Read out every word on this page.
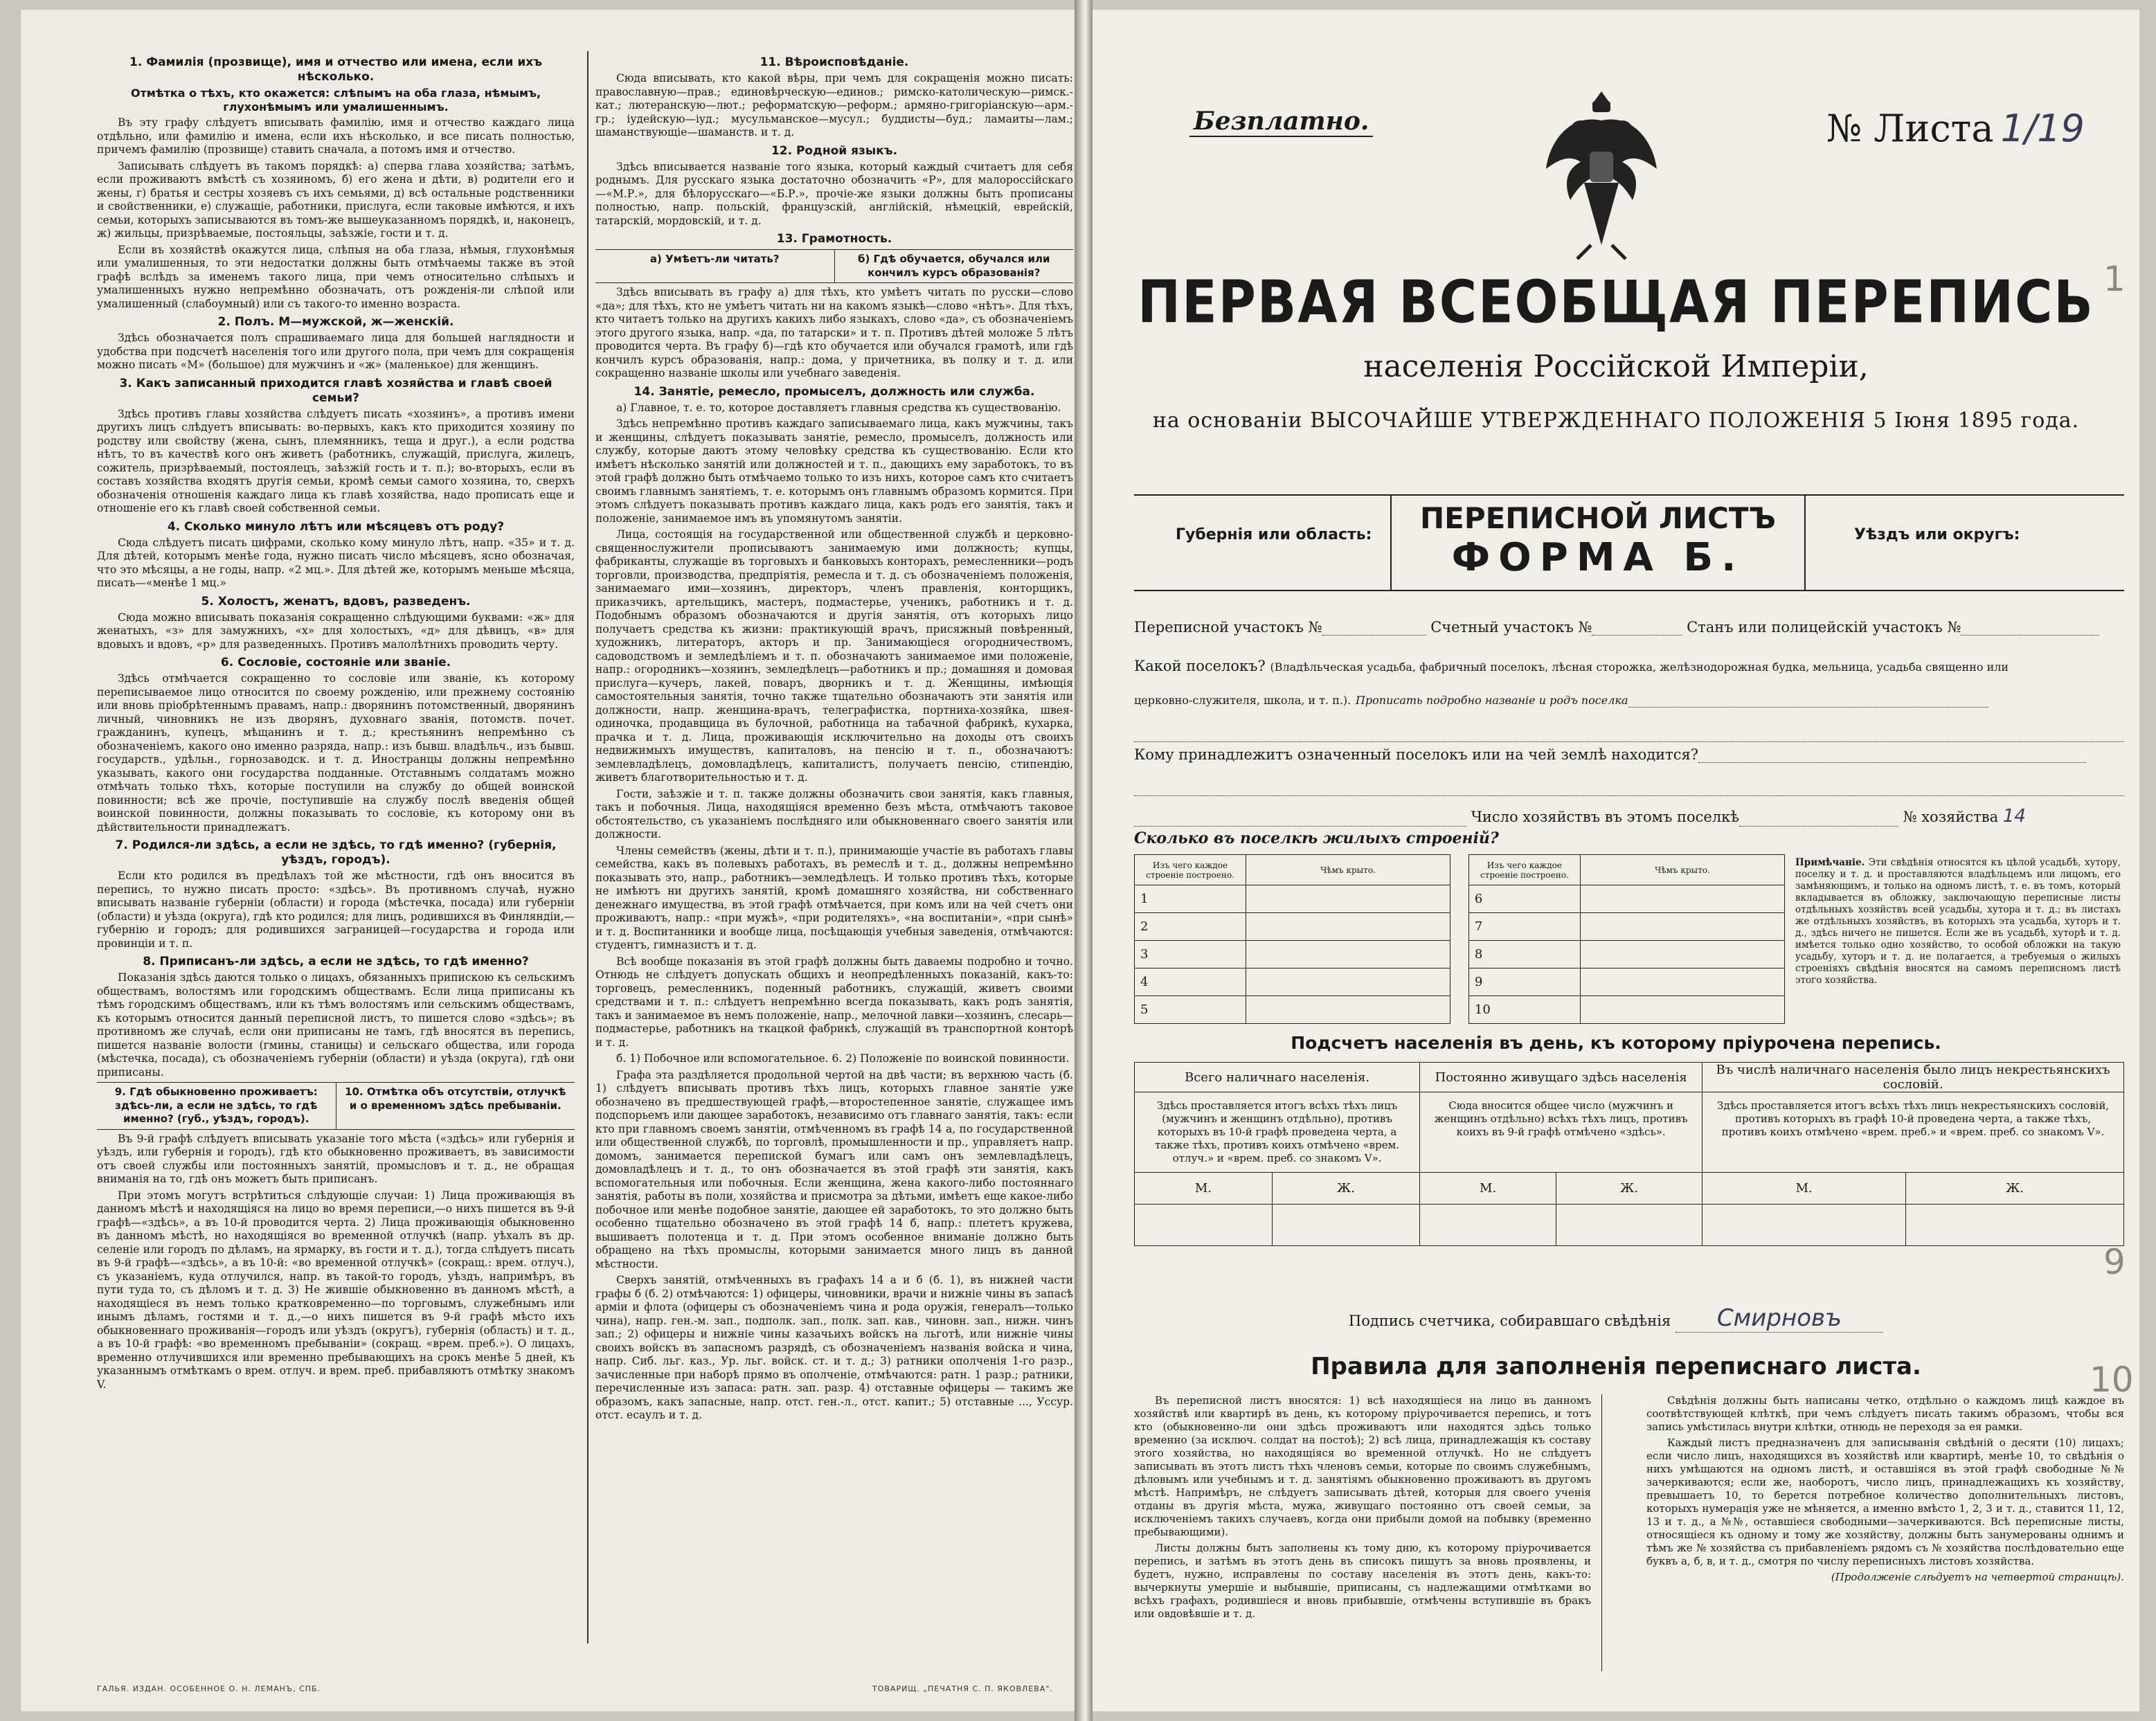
1. Фамилія (прозвище), имя и отчество или имена, если ихъ нѣсколько.
Отмѣтка о тѣхъ, кто окажется: слѣпымъ на оба глаза, нѣмымъ, глухонѣмымъ или умалишеннымъ.

Въ эту графу слѣдуетъ вписывать фамилію, имя и отчество каждаго лица отдѣльно, или фамилію и имена, если ихъ нѣсколько, и все писать полностью, причемъ фамилію (прозвище) ставить сначала, а потомъ имя и отчество.

Записывать слѣдуетъ въ такомъ порядкѣ: а) сперва глава хозяйства; затѣмъ, если проживаютъ вмѣстѣ съ хозяиномъ, б) его жена и дѣти, в) родители его и жены, г) братья и сестры хозяевъ съ ихъ семьями, д) всѣ остальные родственники и свойственники, е) служащіе, работники, прислуга, если таковые имѣются, и ихъ семьи, которыхъ записываются въ томъ-же вышеуказанномъ порядкѣ, и, наконецъ, ж) жильцы, призрѣваемые, постояльцы, заѣзжіе, гости и т. д.

Если въ хозяйствѣ окажутся лица, слѣпыя на оба глаза, нѣмыя, глухонѣмыя или умалишенныя, то эти недостатки должны быть отмѣчаемы также въ этой графѣ вслѣдъ за именемъ такого лица, при чемъ относительно слѣпыхъ и умалишенныхъ нужно непремѣнно обозначать, отъ рожденія-ли слѣпой или умалишенный (слабоумный) или съ такого-то именно возраста.

2. Полъ. М—мужской, ж—женскій.

Здѣсь обозначается полъ спрашиваемаго лица для большей наглядности и удобства при подсчетѣ населенія того или другого пола, при чемъ для сокращенія можно писать «М» (большое) для мужчинъ и «ж» (маленькое) для женщинъ.

3. Какъ записанный приходится главѣ хозяйства и главѣ своей семьи?

Здѣсь противъ главы хозяйства слѣдуетъ писать «хозяинъ», а противъ имени другихъ лицъ слѣдуетъ вписывать: во-первыхъ, какъ кто приходится хозяину по родству или свойству (жена, сынъ, племянникъ, теща и друг.), а если родства нѣтъ, то въ качествѣ кого онъ живетъ (работникъ, служащій, прислуга, жилецъ, сожитель, призрѣваемый, постоялецъ, заѣзжій гость и т. п.); во-вторыхъ, если въ составъ хозяйства входятъ другія семьи, кромѣ семьи самого хозяина, то, сверхъ обозначенія отношенія каждаго лица къ главѣ хозяйства, надо прописать еще и отношеніе его къ главѣ своей собственной семьи.

4. Сколько минуло лѣтъ или мѣсяцевъ отъ роду?

Сюда слѣдуетъ писать цифрами, сколько кому минуло лѣтъ, напр. «35» и т. д. Для дѣтей, которымъ менѣе года, нужно писать число мѣсяцевъ, ясно обозначая, что это мѣсяцы, а не годы, напр. «2 мц.». Для дѣтей же, которымъ меньше мѣсяца, писать—«менѣе 1 мц.»

5. Холостъ, женатъ, вдовъ, разведенъ.

Сюда можно вписывать показанія сокращенно слѣдующими буквами: «ж» для женатыхъ, «з» для замужнихъ, «х» для холостыхъ, «д» для дѣвицъ, «в» для вдовыхъ и вдовъ, «р» для разведенныхъ. Противъ малолѣтнихъ проводить черту.

6. Сословіе, состояніе или званіе.

Здѣсь отмѣчается сокращенно то сословіе или званіе, къ которому переписываемое лицо относится по своему рожденію, или прежнему состоянію или вновь пріобрѣтеннымъ правамъ, напр.: дворянинъ потомственный, дворянинъ личный, чиновникъ не изъ дворянъ, духовнаго званія, потомств. почет. гражданинъ, купецъ, мѣщанинъ и т. д.; крестьянинъ непремѣнно съ обозначеніемъ, какого оно именно разряда, напр.: изъ бывш. владѣльч., изъ бывш. государств., удѣльн., горнозаводск. и т. д. Иностранцы должны непремѣнно указывать, какого они государства подданные. Отставнымъ солдатамъ можно отмѣчать только тѣхъ, которые поступили на службу до общей воинской повинности; всѣ же прочіе, поступившіе на службу послѣ введенія общей воинской повинности, должны показывать то сословіе, къ которому они въ дѣйствительности принадлежатъ.

7. Родился-ли здѣсь, а если не здѣсь, то гдѣ именно? (губернія, уѣздъ, городъ).

Если кто родился въ предѣлахъ той же мѣстности, гдѣ онъ вносится въ перепись, то нужно писать просто: «здѣсь». Въ противномъ случаѣ, нужно вписывать названіе губерніи (области) и города (мѣстечка, посада) или губерніи (области) и уѣзда (округа), гдѣ кто родился; для лицъ, родившихся въ Финляндіи,—губернію и городъ; для родившихся заграницей—государства и города или провинціи и т. п.

8. Приписанъ-ли здѣсь, а если не здѣсь, то гдѣ именно?

Показанія здѣсь даются только о лицахъ, обязанныхъ припискою къ сельскимъ обществамъ, волостямъ или городскимъ обществамъ. Если лица приписаны къ тѣмъ городскимъ обществамъ, или къ тѣмъ волостямъ или сельскимъ обществамъ, къ которымъ относится данный переписной листъ, то пишется слово «здѣсь»; въ противномъ же случаѣ, если они приписаны не тамъ, гдѣ вносятся въ перепись, пишется названіе волости (гмины, станицы) и сельскаго общества, или города (мѣстечка, посада), съ обозначеніемъ губерніи (области) и уѣзда (округа), гдѣ они приписаны.

9. Гдѣ обыкновенно проживаетъ: здѣсь-ли, а если не здѣсь, то гдѣ именно? (губ., уѣздъ, городъ).
10. Отмѣтка объ отсутствіи, отлучкѣ и о временномъ здѣсь пребываніи.

Въ 9-й графѣ слѣдуетъ вписывать указаніе того мѣста («здѣсь» или губернія и уѣздъ, или губернія и городъ), гдѣ кто обыкновенно проживаетъ, въ зависимости отъ своей службы или постоянныхъ занятій, промысловъ и т. д., не обращая вниманія на то, гдѣ онъ можетъ быть приписанъ.

При этомъ могутъ встрѣтиться слѣдующіе случаи: 1) Лица проживающія въ данномъ мѣстѣ и находящіяся на лицо во время переписи,—о нихъ пишется въ 9-й графѣ—«здѣсь», а въ 10-й проводится черта. 2) Лица проживающія обыкновенно въ данномъ мѣстѣ, но находящіяся во временной отлучкѣ (напр. уѣхалъ въ др. селеніе или городъ по дѣламъ, на ярмарку, въ гости и т. д.), тогда слѣдуетъ писать въ 9-й графѣ—«здѣсь», а въ 10-й: «во временной отлучкѣ» (сокращ.: врем. отлуч.), съ указаніемъ, куда отлучился, напр. въ такой-то городъ, уѣздъ, напримѣръ, въ пути туда то, съ дѣломъ и т. д. 3) Не жившіе обыкновенно въ данномъ мѣстѣ, а находящіеся въ немъ только кратковременно—по торговымъ, служебнымъ или инымъ дѣламъ, гостями и т. д.,—о нихъ пишется въ 9-й графѣ мѣсто ихъ обыкновеннаго проживанія—городъ или уѣздъ (округъ), губернія (область) и т. д., а въ 10-й графѣ: «во временномъ пребываніи» (сокращ. «врем. преб.»). О лицахъ, временно отлучившихся или временно пребывающихъ на срокъ менѣе 5 дней, къ указаннымъ отмѣткамъ о врем. отлуч. и врем. преб. прибавляютъ отмѣтку знакомъ V.

11. Вѣроисповѣданіе.

Сюда вписывать, кто какой вѣры, при чемъ для сокращенія можно писать: православную—прав.; единовѣрческую—единов.; римско-католическую—римск.-кат.; лютеранскую—лют.; реформатскую—реформ.; армяно-григоріанскую—арм.-гр.; іудейскую—іуд.; мусульманское—мусул.; буддисты—буд.; ламаиты—лам.; шаманствующіе—шаманств. и т. д.

12. Родной языкъ.

Здѣсь вписывается названіе того языка, который каждый считаетъ для себя роднымъ. Для русскаго языка достаточно обозначить «Р», для малороссійскаго—«М.Р.», для бѣлорусскаго—«Б.Р.», прочіе-же языки должны быть прописаны полностью, напр. польскій, французскій, англійскій, нѣмецкій, еврейскій, татарскій, мордовскій, и т. д.

13. Грамотность.
а) Умѣетъ-ли читать?	б) Гдѣ обучается, обучался или кончилъ курсъ образованія?

Здѣсь вписывать въ графу а) для тѣхъ, кто умѣетъ читать по русски—слово «да»; для тѣхъ, кто не умѣетъ читать ни на какомъ языкѣ—слово «нѣтъ». Для тѣхъ, кто читаетъ только на другихъ какихъ либо языкахъ, слово «да», съ обозначеніемъ этого другого языка, напр. «да, по татарски» и т. п. Противъ дѣтей моложе 5 лѣтъ проводится черта. Въ графу б)—гдѣ кто обучается или обучался грамотѣ, или гдѣ кончилъ курсъ образованія, напр.: дома, у причетника, въ полку и т. д. или сокращенно названіе школы или учебнаго заведенія.

14. Занятіе, ремесло, промыселъ, должность или служба.

а) Главное, т. е. то, которое доставляетъ главныя средства къ существованію.

Здѣсь непремѣнно противъ каждаго записываемаго лица, какъ мужчины, такъ и женщины, слѣдуетъ показывать занятіе, ремесло, промыселъ, должность или службу, которые даютъ этому человѣку средства къ существованію. Если кто имѣетъ нѣсколько занятій или должностей и т. п., дающихъ ему заработокъ, то въ этой графѣ должно быть отмѣчаемо только то изъ нихъ, которое самъ кто считаетъ своимъ главнымъ занятіемъ, т. е. которымъ онъ главнымъ образомъ кормится. При этомъ слѣдуетъ показывать противъ каждаго лица, какъ родъ его занятія, такъ и положеніе, занимаемое имъ въ упомянутомъ занятіи.

Лица, состоящія на государственной или общественной службѣ и церковно-священнослужители прописываютъ занимаемую ими должность; купцы, фабриканты, служащіе въ торговыхъ и банковыхъ конторахъ, ремесленники—родъ торговли, производства, предпріятія, ремесла и т. д. съ обозначеніемъ положенія, занимаемаго ими—хозяинъ, директоръ, членъ правленія, конторщикъ, приказчикъ, артельщикъ, мастеръ, подмастерье, ученикъ, работникъ и т. д. Подобнымъ образомъ обозначаются и другія занятія, отъ которыхъ лицо получаетъ средства къ жизни: практикующій врачъ, присяжный повѣренный, художникъ, литераторъ, акторъ и пр. Занимающіеся огородничествомъ, садоводствомъ и земледѣліемъ и т. п. обозначаютъ занимаемое ими положеніе, напр.: огородникъ—хозяинъ, земледѣлецъ—работникъ и пр.; домашняя и домовая прислуга—кучеръ, лакей, поваръ, дворникъ и т. д. Женщины, имѣющія самостоятельныя занятія, точно также тщательно обозначаютъ эти занятія или должности, напр. женщина-врачъ, телеграфистка, портниха-хозяйка, швея-одиночка, продавщица въ булочной, работница на табачной фабрикѣ, кухарка, прачка и т. д. Лица, проживающія исключительно на доходы отъ своихъ недвижимыхъ имуществъ, капиталовъ, на пенсію и т. п., обозначаютъ: землевладѣлецъ, домовладѣлецъ, капиталистъ, получаетъ пенсію, стипендію, живетъ благотворительностью и т. д.

Гости, заѣзжіе и т. п. также должны обозначить свои занятія, какъ главныя, такъ и побочныя. Лица, находящіяся временно безъ мѣста, отмѣчаютъ таковое обстоятельство, съ указаніемъ послѣдняго или обыкновеннаго своего занятія или должности.

Члены семействъ (жены, дѣти и т. п.), принимающіе участіе въ работахъ главы семейства, какъ въ полевыхъ работахъ, въ ремеслѣ и т. д., должны непремѣнно показывать это, напр., работникъ—земледѣлецъ. И только противъ тѣхъ, которые не имѣютъ ни другихъ занятій, кромѣ домашняго хозяйства, ни собственнаго денежнаго имущества, въ этой графѣ отмѣчается, при комъ или на чей счетъ они проживаютъ, напр.: «при мужѣ», «при родителяхъ», «на воспитаніи», «при сынѣ» и т. д. Воспитанники и вообще лица, посѣщающія учебныя заведенія, отмѣчаются: студентъ, гимназистъ и т. д.

Всѣ вообще показанія въ этой графѣ должны быть даваемы подробно и точно. Отнюдь не слѣдуетъ допускать общихъ и неопредѣленныхъ показаній, какъ-то: торговецъ, ремесленникъ, поденный работникъ, служащій, живетъ своими средствами и т. п.: слѣдуетъ непремѣнно всегда показывать, какъ родъ занятія, такъ и занимаемое въ немъ положеніе, напр., мелочной лавки—хозяинъ, слесарь—подмастерье, работникъ на ткацкой фабрикѣ, служащій въ транспортной конторѣ и т. д.

б. 1) Побочное или вспомогательное. 6. 2) Положеніе по воинской повинности.

Графа эта раздѣляется продольной чертой на двѣ части; въ верхнюю часть (б. 1) слѣдуетъ вписывать противъ тѣхъ лицъ, которыхъ главное занятіе уже обозначено въ предшествующей графѣ,—второстепенное занятіе, служащее имъ подспорьемъ или дающее заработокъ, независимо отъ главнаго занятія, такъ: если кто при главномъ своемъ занятіи, отмѣченномъ въ графѣ 14 а, по государственной или общественной службѣ, по торговлѣ, промышленности и пр., управляетъ напр. домомъ, занимается перепиской бумагъ или самъ онъ землевладѣлецъ, домовладѣлецъ и т. д., то онъ обозначается въ этой графѣ эти занятія, какъ вспомогательныя или побочныя. Если женщина, жена какого-либо постояннаго занятія, работы въ поли, хозяйства и присмотра за дѣтьми, имѣетъ еще какое-либо побочное или менѣе подобное занятіе, дающее ей заработокъ, то это должно быть особенно тщательно обозначено въ этой графѣ 14 б, напр.: плететъ кружева, вышиваетъ полотенца и т. д. При этомъ особенное вниманіе должно быть обращено на тѣхъ промыслы, которыми занимается много лицъ въ данной мѣстности.

Сверхъ занятій, отмѣченныхъ въ графахъ 14 а и б (б. 1), въ нижней части графы б (б. 2) отмѣчаются: 1) офицеры, чиновники, врачи и нижніе чины въ запасѣ арміи и флота (офицеры съ обозначеніемъ чина и рода оружія, генералъ—только чина), напр. ген.-м. зап., подполк. зап., полк. зап. кав., чиновн. зап., нижн. чинъ зап.; 2) офицеры и нижніе чины казачьихъ войскъ на льготѣ, или нижніе чины своихъ войскъ въ запасномъ разрядѣ, съ обозначеніемъ названія войска и чина, напр. Сиб. льг. каз., Ур. льг. войск. ст. и т. д.; 3) ратники ополченія 1-го разр., зачисленные при наборѣ прямо въ ополченіе, отмѣчаются: ратн. 1 разр.; ратники, перечисленные изъ запаса: ратн. зап. разр. 4) отставные офицеры — такимъ же образомъ, какъ запасные, напр. отст. ген.-л., отст. капит.; 5) отставные ..., Уссур. отст. есаулъ и т. д.

ГАЛЬЯ. ИЗДАН. ОСОБЕННОЕ О. Н. ЛЕМАНЪ, СПБ.	ТОВАРИЩ. „ПЕЧАТНЯ С. П. ЯКОВЛЕВА".
Безплатно.	№ Листа 1/19
ПЕРВАЯ ВСЕОБЩАЯ ПЕРЕПИСЬ
населенія Россійской Имперіи,
на основаніи ВЫСОЧАЙШЕ УТВЕРЖДЕННАГО ПОЛОЖЕНІЯ 5 Іюня 1895 года.
Губернія или область:	ПЕРЕПИСНОЙ ЛИСТЪ
ФОРМА Б.
Уѣздъ или округъ:
Переписной участокъ №	Счетный участокъ №	Станъ или полицейскій участокъ №
Какой поселокъ? (Владѣльческая усадьба, фабричный поселокъ, лѣсная сторожка, желѣзнодорожная будка, мельница, усадьба священно или
церковно-служителя, школа, и т. п.). Прописать подробно названіе и родъ поселка
Кому принадлежитъ означенный поселокъ или на чей землѣ находится?
Число хозяйствъ въ этомъ поселкѣ	№ хозяйства 14
Сколько въ поселкѣ жилыхъ строеній?
Изъ чего каждое строеніе построено.	Чѣмъ крыто.		Изъ чего каждое строеніе построено.	Чѣмъ крыто.
1			6	
2			7	
3			8	
4			9	
5			10	
Примѣчаніе. Эти свѣдѣнія относятся къ цѣлой усадьбѣ, хутору, поселку и т. д. и проставляются владѣльцемъ или лицомъ, его замѣняющимъ, и только на одномъ листѣ, т. е. въ томъ, который вкладывается въ обложку, заключающую переписные листы отдѣльныхъ хозяйствъ всей усадьбы, хутора и т. д.; въ листахъ же отдѣльныхъ хозяйствъ, въ которыхъ эта усадьба, хуторъ и т. д., здѣсь ничего не пишется. Если же въ усадьбѣ, хуторѣ и т. д. имѣется только одно хозяйство, то особой обложки на такую усадьбу, хуторъ и т. д. не полагается, а требуемыя о жилыхъ строеніяхъ свѣдѣнія вносятся на самомъ переписномъ листѣ этого хозяйства.
Подсчетъ населенія въ день, къ которому пріурочена перепись.
Всего наличнаго населенія.		Постоянно живущаго здѣсь населенія		Въ числѣ наличнаго населенія было лицъ некрестьянскихъ сословій.	
Здѣсь проставляется итогъ всѣхъ тѣхъ лицъ (мужчинъ и женщинъ отдѣльно), противъ которыхъ въ 10-й графѣ проведена черта, а также тѣхъ, противъ коихъ отмѣчено «врем. отлуч.» и «врем. преб. со знакомъ V».		Сюда вносится общее число (мужчинъ и женщинъ отдѣльно) всѣхъ тѣхъ лицъ, противъ коихъ въ 9-й графѣ отмѣчено «здѣсь».		Здѣсь проставляется итогъ всѣхъ тѣхъ лицъ некрестьянскихъ сословій, противъ которыхъ въ графѣ 10-й проведена черта, а также тѣхъ, противъ коихъ отмѣчено «врем. преб.» и «врем. преб. со знакомъ V».	
М.	Ж.	М.	Ж.	М.	Ж.

Подпись счетчика, собиравшаго свѣдѣнія Смирновъ
Правила для заполненія переписнаго листа.

Въ переписной листъ вносятся: 1) всѣ находящіеся на лицо въ данномъ хозяйствѣ или квартирѣ въ день, къ которому пріурочивается перепись, и тотъ кто (обыкновенно-ли они здѣсь проживаютъ или находятся здѣсь только временно (за исключ. солдат на постоѣ); 2) всѣ лица, принадлежащія къ составу этого хозяйства, но находящіяся во временной отлучкѣ. Но не слѣдуетъ записывать въ этотъ листъ тѣхъ членовъ семьи, которые по своимъ служебнымъ, дѣловымъ или учебнымъ и т. д. занятіямъ обыкновенно проживаютъ въ другомъ мѣстѣ. Напримѣръ, не слѣдуетъ записывать дѣтей, которыя для своего ученія отданы въ другія мѣста, мужа, живущаго постоянно отъ своей семьи, за исключеніемъ такихъ случаевъ, когда они прибыли домой на побывку (временно пребывающими).

Листы должны быть заполнены къ тому дню, къ которому пріурочивается перепись, и затѣмъ въ этотъ день въ списокъ пишутъ за вновь проявлены, и будетъ, нужно, исправлены по составу населенія въ этотъ день, какъ-то: вычеркнуты умершіе и выбывшіе, приписаны, съ надлежащими отмѣтками во всѣхъ графахъ, родившіеся и вновь прибывшіе, отмѣчены вступившіе въ бракъ или овдовѣвшіе и т. д.

Свѣдѣнія должны быть написаны четко, отдѣльно о каждомъ лицѣ каждое въ соотвѣтствующей клѣткѣ, при чемъ слѣдуетъ писать такимъ образомъ, чтобы вся запись умѣстилась внутри клѣтки, отнюдь не переходя за ея рамки.

Каждый листъ предназначенъ для записыванія свѣдѣній о десяти (10) лицахъ; если число лицъ, находящихся въ хозяйствѣ или квартирѣ, менѣе 10, то свѣдѣнія о нихъ умѣщаются на одномъ листѣ, и оставшіяся въ этой графѣ свободные №№ зачеркиваются; если же, наоборотъ, число лицъ, принадлежащихъ къ хозяйству, превышаетъ 10, то берется потребное количество дополнительныхъ листовъ, которыхъ нумерація уже не мѣняется, а именно вмѣсто 1, 2, 3 и т. д., ставится 11, 12, 13 и т. д., а №№, оставшіеся свободными—зачеркиваются. Всѣ переписные листы, относящіеся къ одному и тому же хозяйству, должны быть занумерованы однимъ и тѣмъ же № хозяйства съ прибавленіемъ рядомъ съ № хозяйства послѣдовательно еще буквъ а, б, в, и т. д., смотря по числу переписныхъ листовъ хозяйства.

(Продолженіе слѣдуетъ на четвертой страницѣ).

1
9
10
